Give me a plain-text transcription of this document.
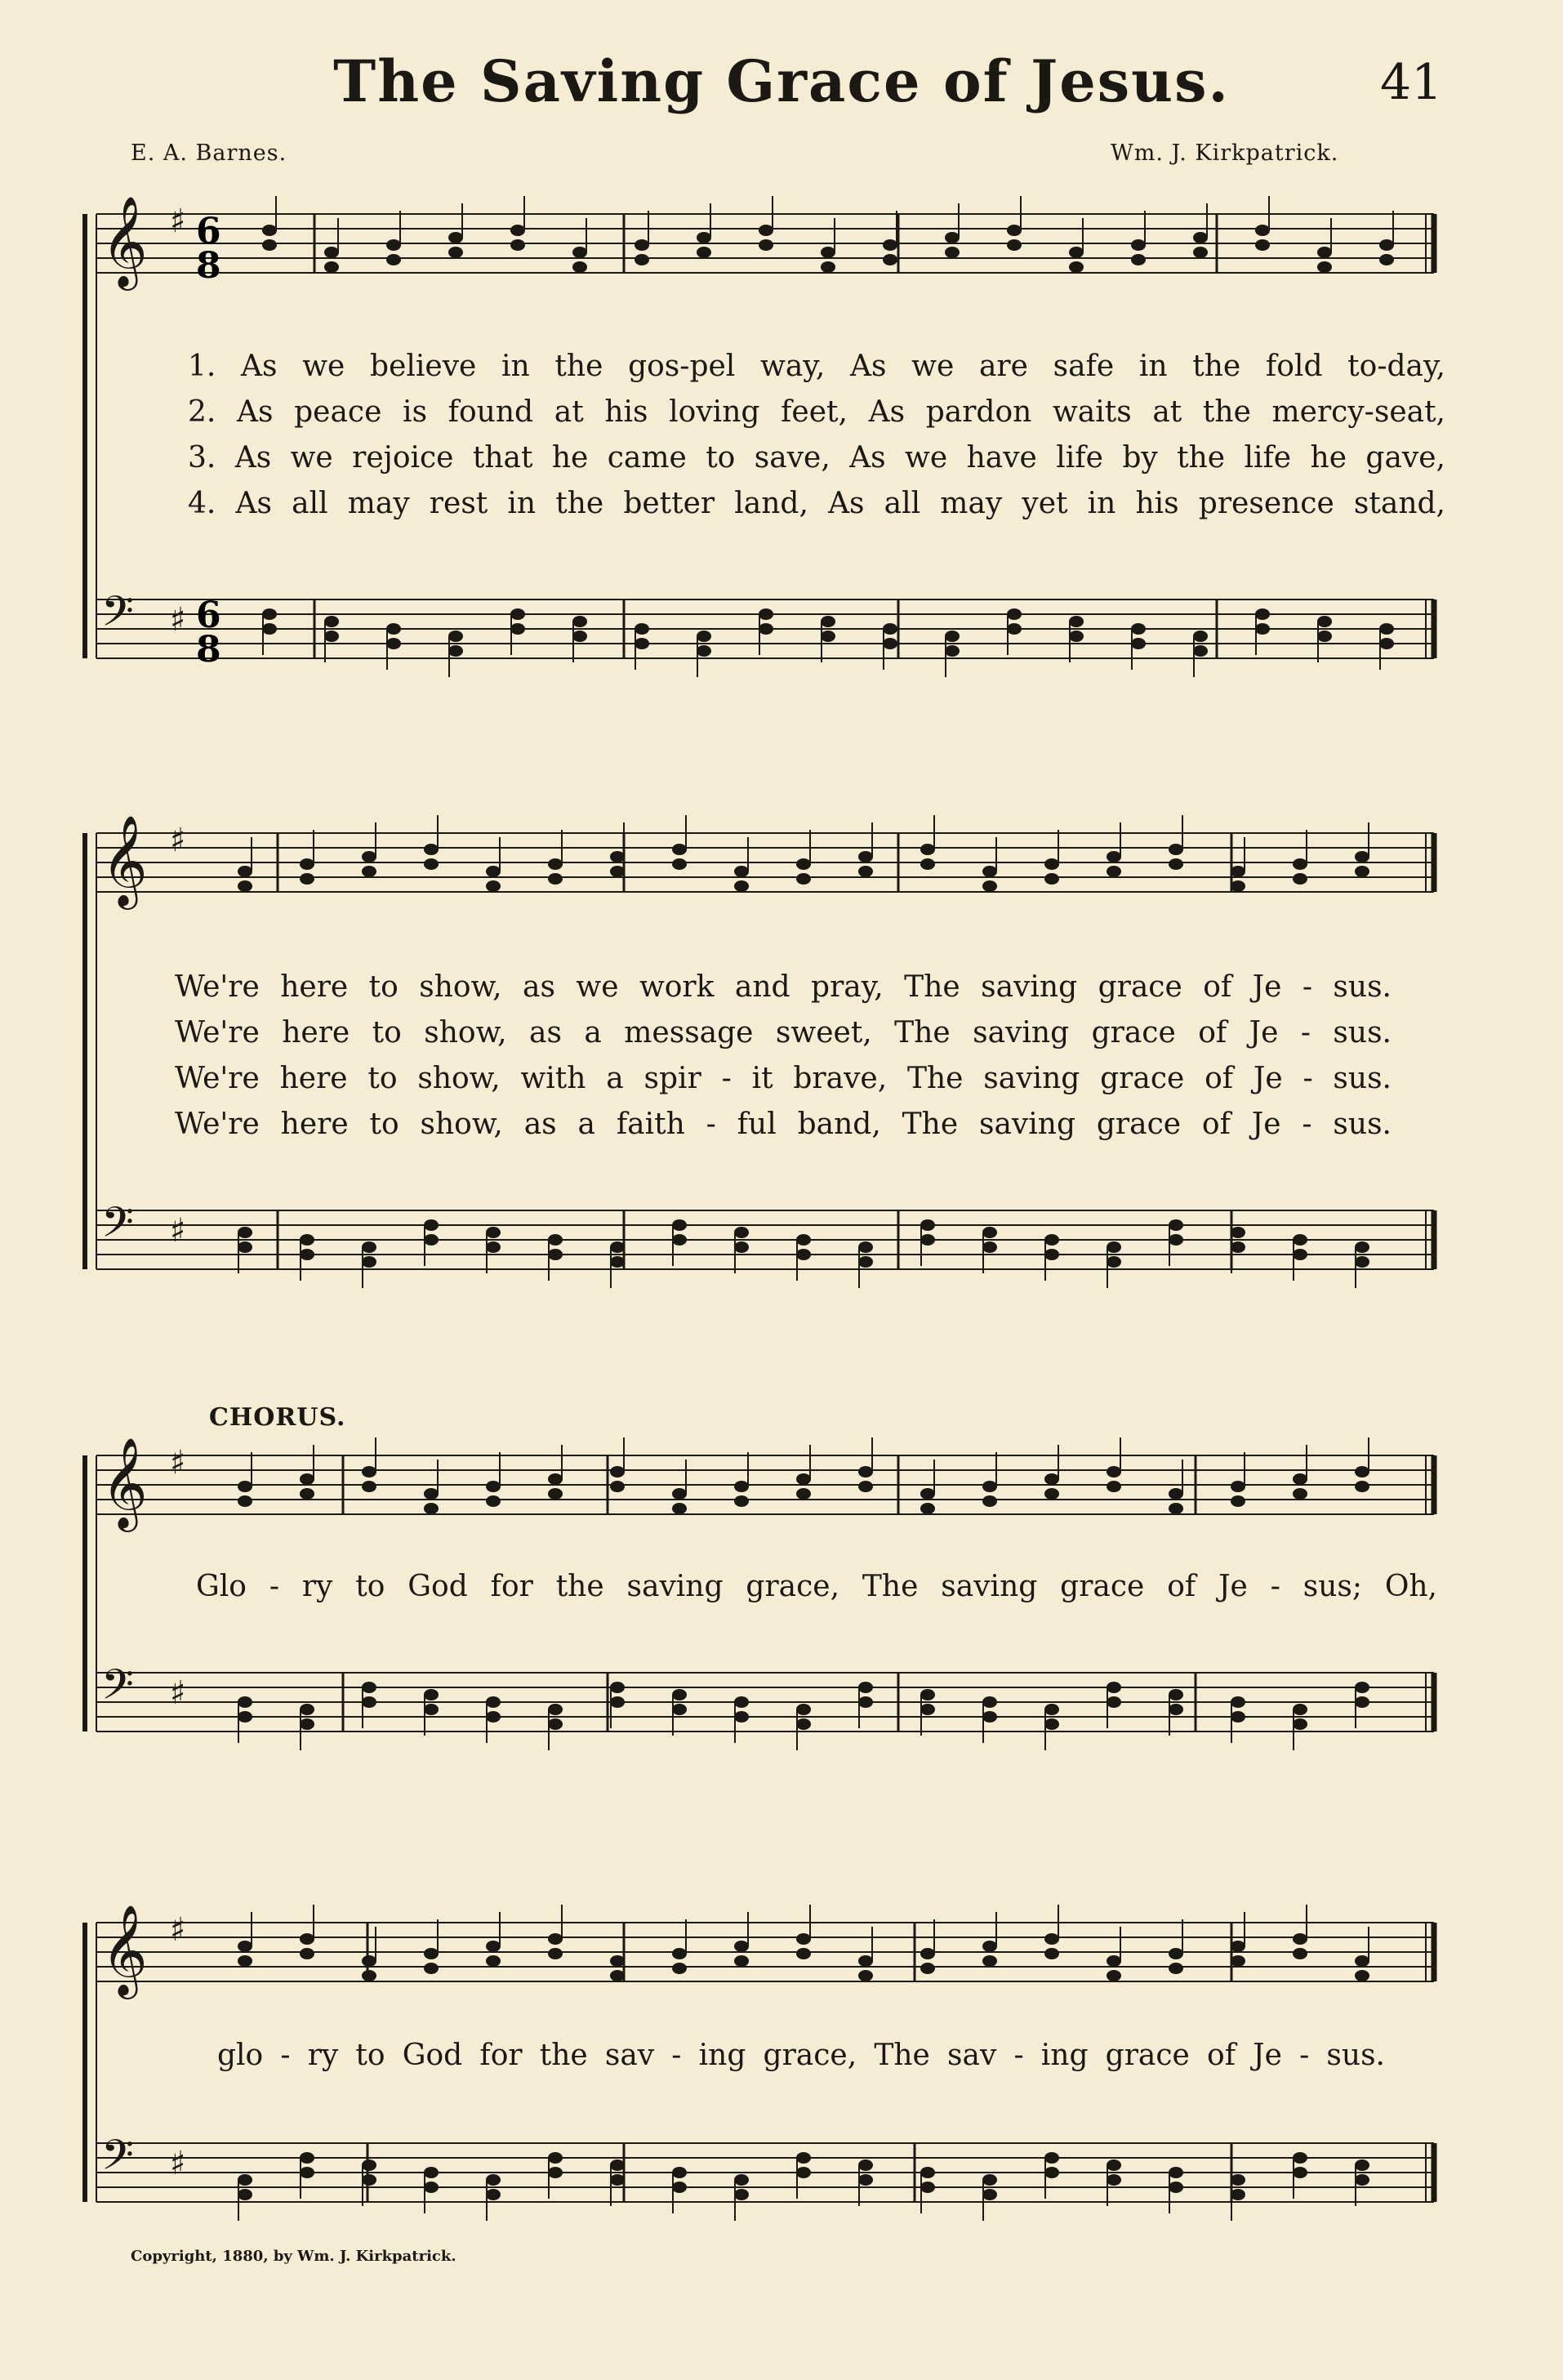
The Saving Grace of Jesus.	41
E. A. Barnes.	Wm. J. Kirkpatrick.
𝄞 ♯
𝄢 ♯
𝄞 ♯
𝄢 ♯
𝄞 ♯
𝄢 ♯
𝄞 ♯
𝄢 ♯
6
8
6
8
1. As we believe in the gos-pel way, As we are safe in the fold to-day,
2. As peace is found at his loving feet, As pardon waits at the mercy-seat,
3. As we rejoice that he came to save, As we have life by the life he gave,
4. As all may rest in the better land, As all may yet in his presence stand,
We're here to show, as we work and pray, The saving grace of Je - sus.
We're here to show, as a message sweet, The saving grace of Je - sus.
We're here to show, with a spir - it brave, The saving grace of Je - sus.
We're here to show, as a faith - ful band, The saving grace of Je - sus.
CHORUS.
Glo - ry to God for the saving grace, The saving grace of Je - sus; Oh,
glo - ry to God for the sav - ing grace, The sav - ing grace of Je - sus.
Copyright, 1880, by Wm. J. Kirkpatrick.
